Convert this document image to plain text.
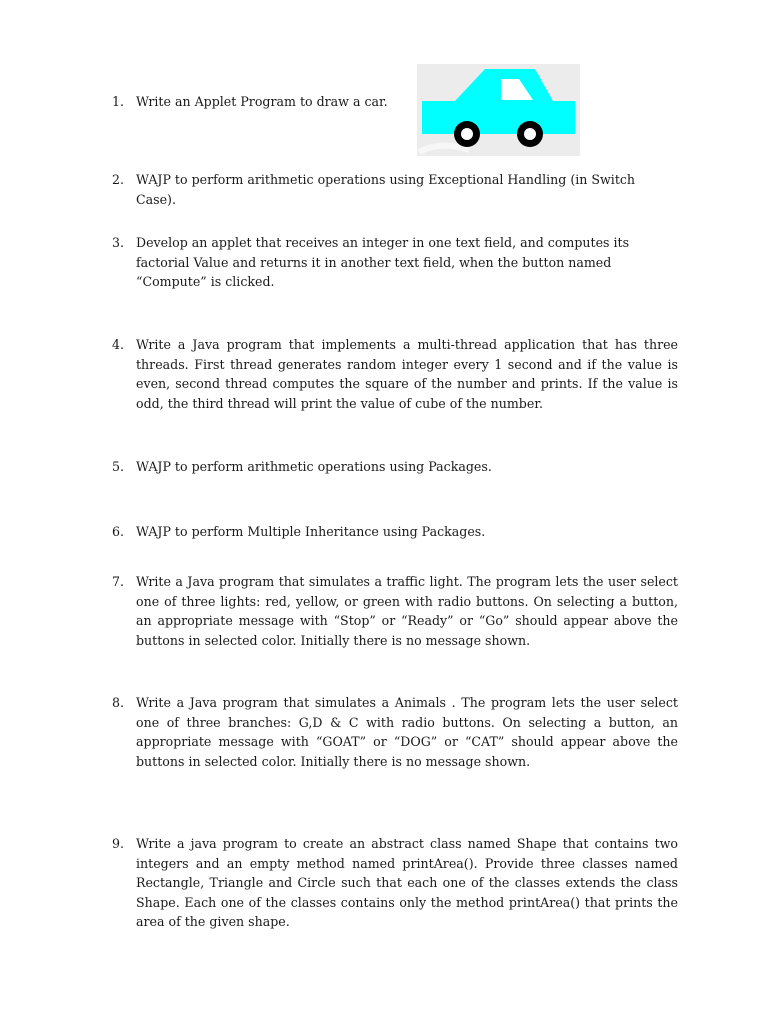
1. Write an Applet Program to draw a car.
2. WAJP to perform arithmetic operations using Exceptional Handling (in Switch Case).
3. Develop an applet that receives an integer in one text field, and computes its factorial Value and returns it in another text field, when the button named “Compute” is clicked.
4. Write a Java program that implements a multi-thread application that has three threads. First thread generates random integer every 1 second and if the value is even, second thread computes the square of the number and prints. If the value is odd, the third thread will print the value of cube of the number.
5. WAJP to perform arithmetic operations using Packages.
6. WAJP to perform Multiple Inheritance using Packages.
7. Write a Java program that simulates a traffic light. The program lets the user select one of three lights: red, yellow, or green with radio buttons. On selecting a button, an appropriate message with “Stop” or “Ready” or “Go” should appear above the buttons in selected color. Initially there is no message shown.
8. Write a Java program that simulates a Animals . The program lets the user select one of three branches: G,D & C with radio buttons. On selecting a button, an appropriate message with “GOAT” or “DOG” or “CAT” should appear above the buttons in selected color. Initially there is no message shown.
9. Write a java program to create an abstract class named Shape that contains two integers and an empty method named printArea(). Provide three classes named Rectangle, Triangle and Circle such that each one of the classes extends the class Shape. Each one of the classes contains only the method printArea() that prints the area of the given shape.
